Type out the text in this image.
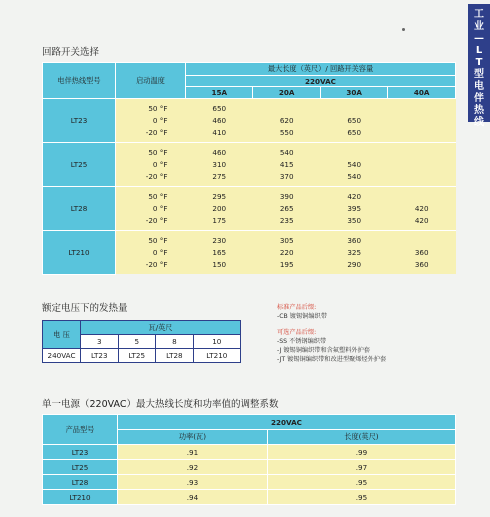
工
业
—
L
T
型
电
伴
热
线
回路开关选择
电伴热线型号	启动温度	最大长度（英尺）/ 回路开关容量			
		220VAC			
		15A	20A	30A	40A
LT23	50 °F	650			
	0 °F	460	620	650	
	-20 °F	410	550	650	
LT25	50 °F	460	540		
	0 °F	310	415	540	
	-20 °F	275	370	540	
LT28	50 °F	295	390	420	
	0 °F	200	265	395	420
	-20 °F	175	235	350	420
LT210	50 °F	230	305	360	
	0 °F	165	220	325	360
	-20 °F	150	195	290	360
额定电压下的发热量
电 压	瓦/英尺			
	3	5	8	10
240VAC	LT23	LT25	LT28	LT210
标准产品后缀:
-CB 镀锡铜编织带
可选产品后缀:
-SS 不锈钢编织带
-J 镀锡铜编织带和含氟塑料外护套
-JT 镀锡铜编织带和改进型聚烯烃外护套
单一电源（220VAC）最大热线长度和功率值的调整系数
产品型号	220VAC	
	功率(瓦)	长度(英尺)
LT23	.91	.99
LT25	.92	.97
LT28	.93	.95
LT210	.94	.95
